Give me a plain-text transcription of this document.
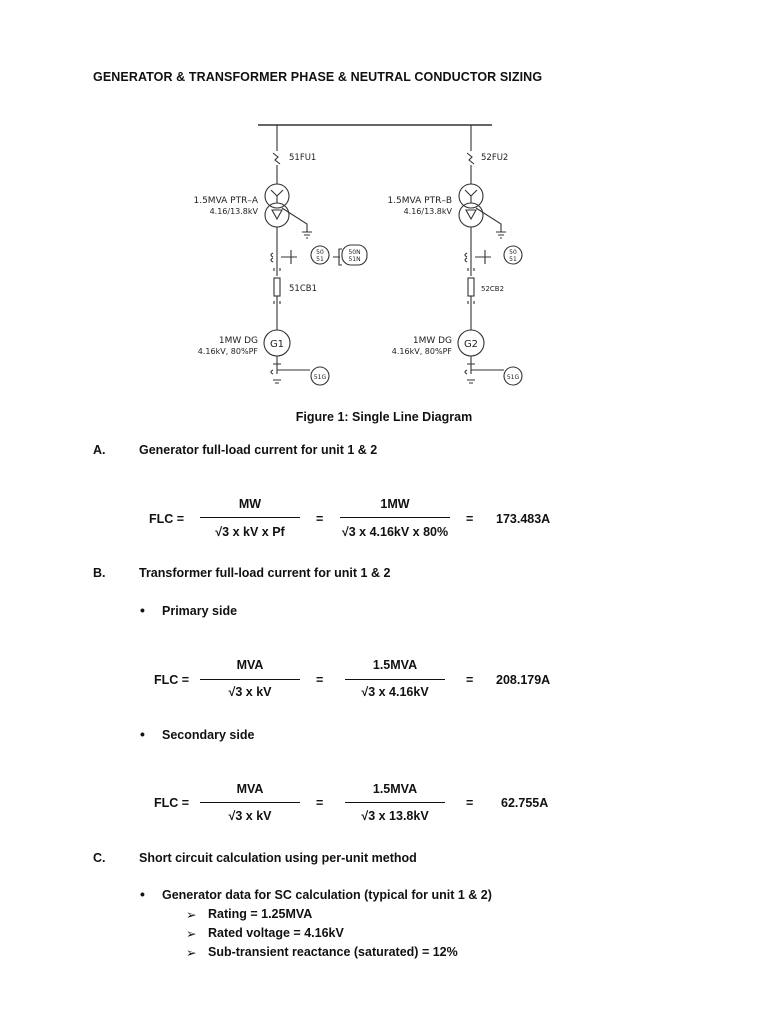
GENERATOR & TRANSFORMER PHASE & NEUTRAL CONDUCTOR SIZING
51FU1	52FU2
1.5MVA PTR–A
4.16/13.8kV
1.5MVA PTR–B
4.16/13.8kV
50
51
50N
51N
50
51
51CB1	52CB2
1MW DG
4.16kV, 80%PF
G1	1MW DG
4.16kV, 80%PF
G2
51G	51G
Figure 1: Single Line Diagram
A.	Generator full-load current for unit 1 & 2
FLC =
MW
√3 x kV x Pf
=
1MW
√3 x 4.16kV x 80%
= 173.483A
B.	Transformer full-load current for unit 1 & 2
• Primary side
FLC =
MVA
√3 x kV
=
1.5MVA
√3 x 4.16kV
= 208.179A
• Secondary side
FLC =
MVA
√3 x kV
=
1.5MVA
√3 x 13.8kV
= 62.755A
C.	Short circuit calculation using per-unit method
• Generator data for SC calculation (typical for unit 1 & 2)
➢ Rating = 1.25MVA
➢ Rated voltage = 4.16kV
➢ Sub-transient reactance (saturated) = 12%
